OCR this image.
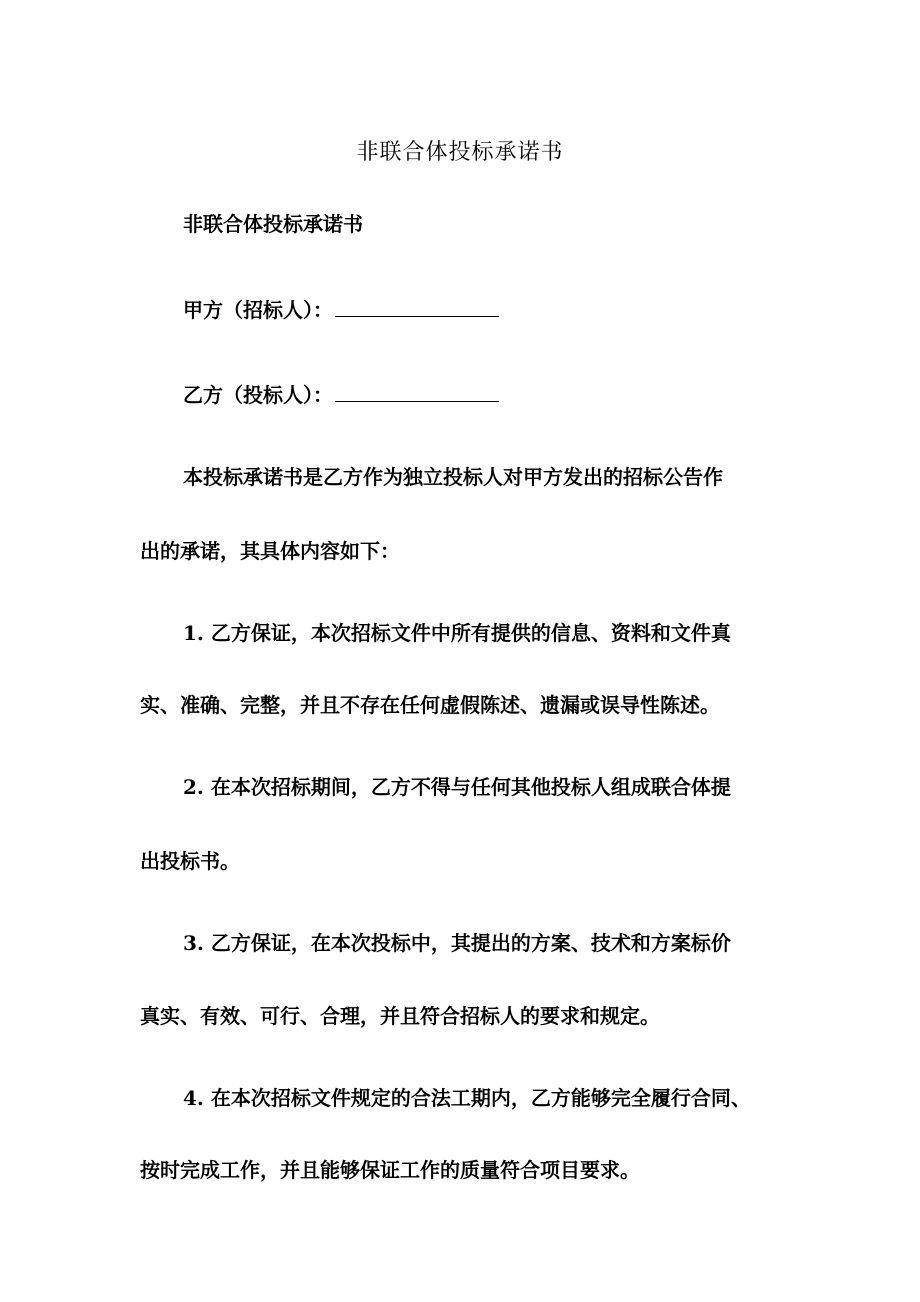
非联合体投标承诺书
非联合体投标承诺书
甲方（招标人）：
乙方（投标人）：
本投标承诺书是乙方作为独立投标人对甲方发出的招标公告作
出的承诺，其具体内容如下：
1. 乙方保证，本次招标文件中所有提供的信息、资料和文件真
实、准确、完整，并且不存在任何虚假陈述、遗漏或误导性陈述。
2. 在本次招标期间，乙方不得与任何其他投标人组成联合体提
出投标书。
3. 乙方保证，在本次投标中，其提出的方案、技术和方案标价
真实、有效、可行、合理，并且符合招标人的要求和规定。
4. 在本次招标文件规定的合法工期内，乙方能够完全履行合同、
按时完成工作，并且能够保证工作的质量符合项目要求。
